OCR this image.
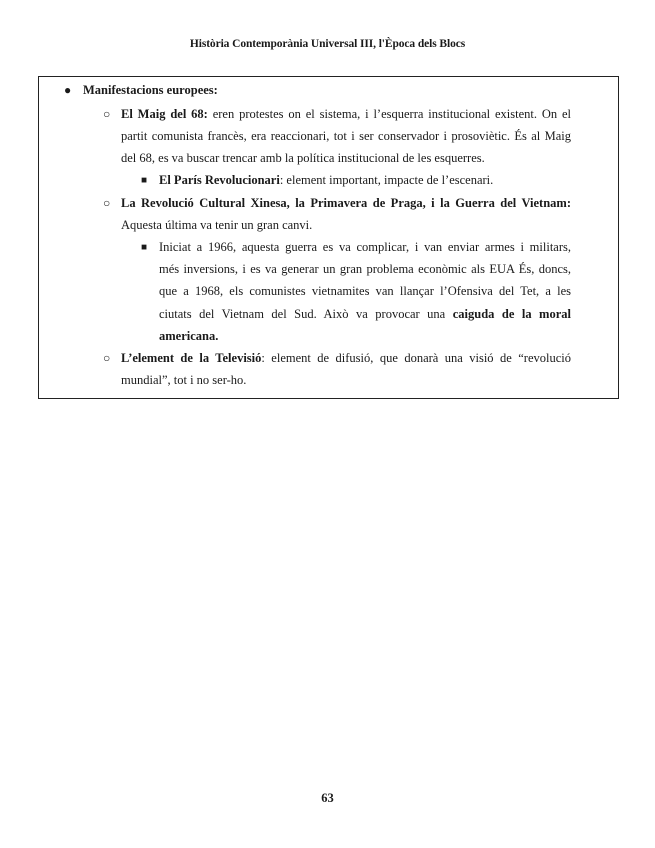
Història Contemporània Universal III, l'Època dels Blocs
● Manifestacions europees:
○ El Maig del 68: eren protestes on el sistema, i l’esquerra institucional existent. On el
partit comunista francès, era reaccionari, tot i ser conservador i prosoviètic. És al Maig
del 68, es va buscar trencar amb la política institucional de les esquerres.
■ El París Revolucionari: element important, impacte de l’escenari.
○ La Revolució Cultural Xinesa, la Primavera de Praga, i la Guerra del Vietnam:
Aquesta última va tenir un gran canvi.
■ Iniciat a 1966, aquesta guerra es va complicar, i van enviar armes i militars,
més inversions, i es va generar un gran problema econòmic als EUA És, doncs,
que a 1968, els comunistes vietnamites van llançar l’Ofensiva del Tet, a les
ciutats del Vietnam del Sud. Això va provocar una caiguda de la moral
americana.
○ L’element de la Televisió: element de difusió, que donarà una visió de “revolució
mundial”, tot i no ser-ho.
63
